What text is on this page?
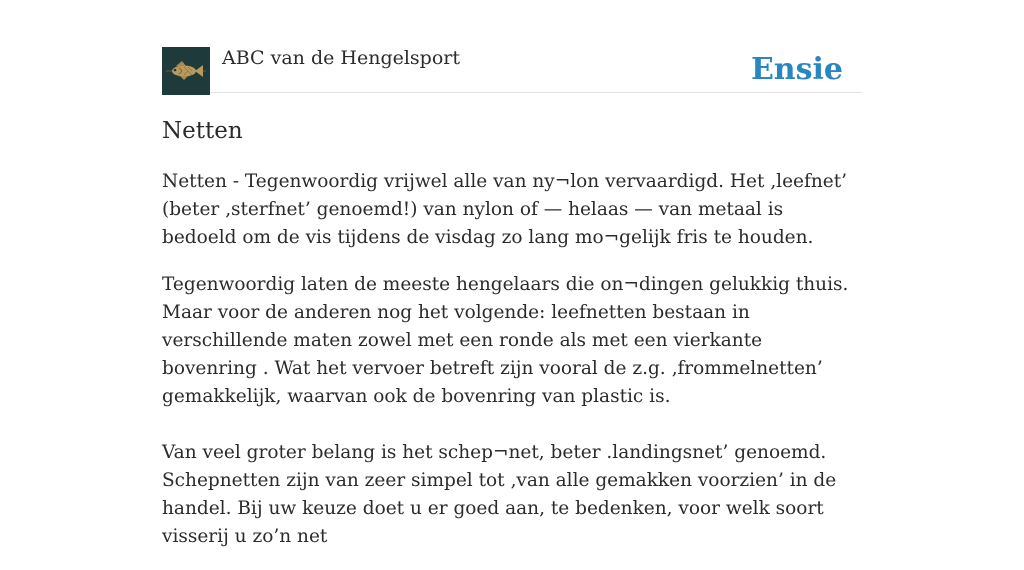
ABC van de Hengelsport	Ensie
Netten

Netten - Tegenwoordig vrijwel alle van ny¬lon vervaardigd. Het ‚leefnet’ (beter ‚sterfnet’ genoemd!) van nylon of — helaas — van metaal is bedoeld om de vis tijdens de visdag zo lang mo¬gelijk fris te houden.

Tegenwoordig laten de meeste hengelaars die on¬dingen gelukkig thuis. Maar voor de anderen nog het volgende: leefnetten bestaan in verschillende maten zowel met een ronde als met een vierkante bovenring . Wat het vervoer betreft zijn vooral de z.g. ‚frommelnetten’ gemakkelijk, waarvan ook de bovenring van plastic is.

Van veel groter belang is het schep¬net, beter .landingsnet’ genoemd. Schepnetten zijn van zeer simpel tot ‚van alle gemakken voorzien’ in de handel. Bij uw keuze doet u er goed aan, te bedenken, voor welk soort visserij u zo’n net
